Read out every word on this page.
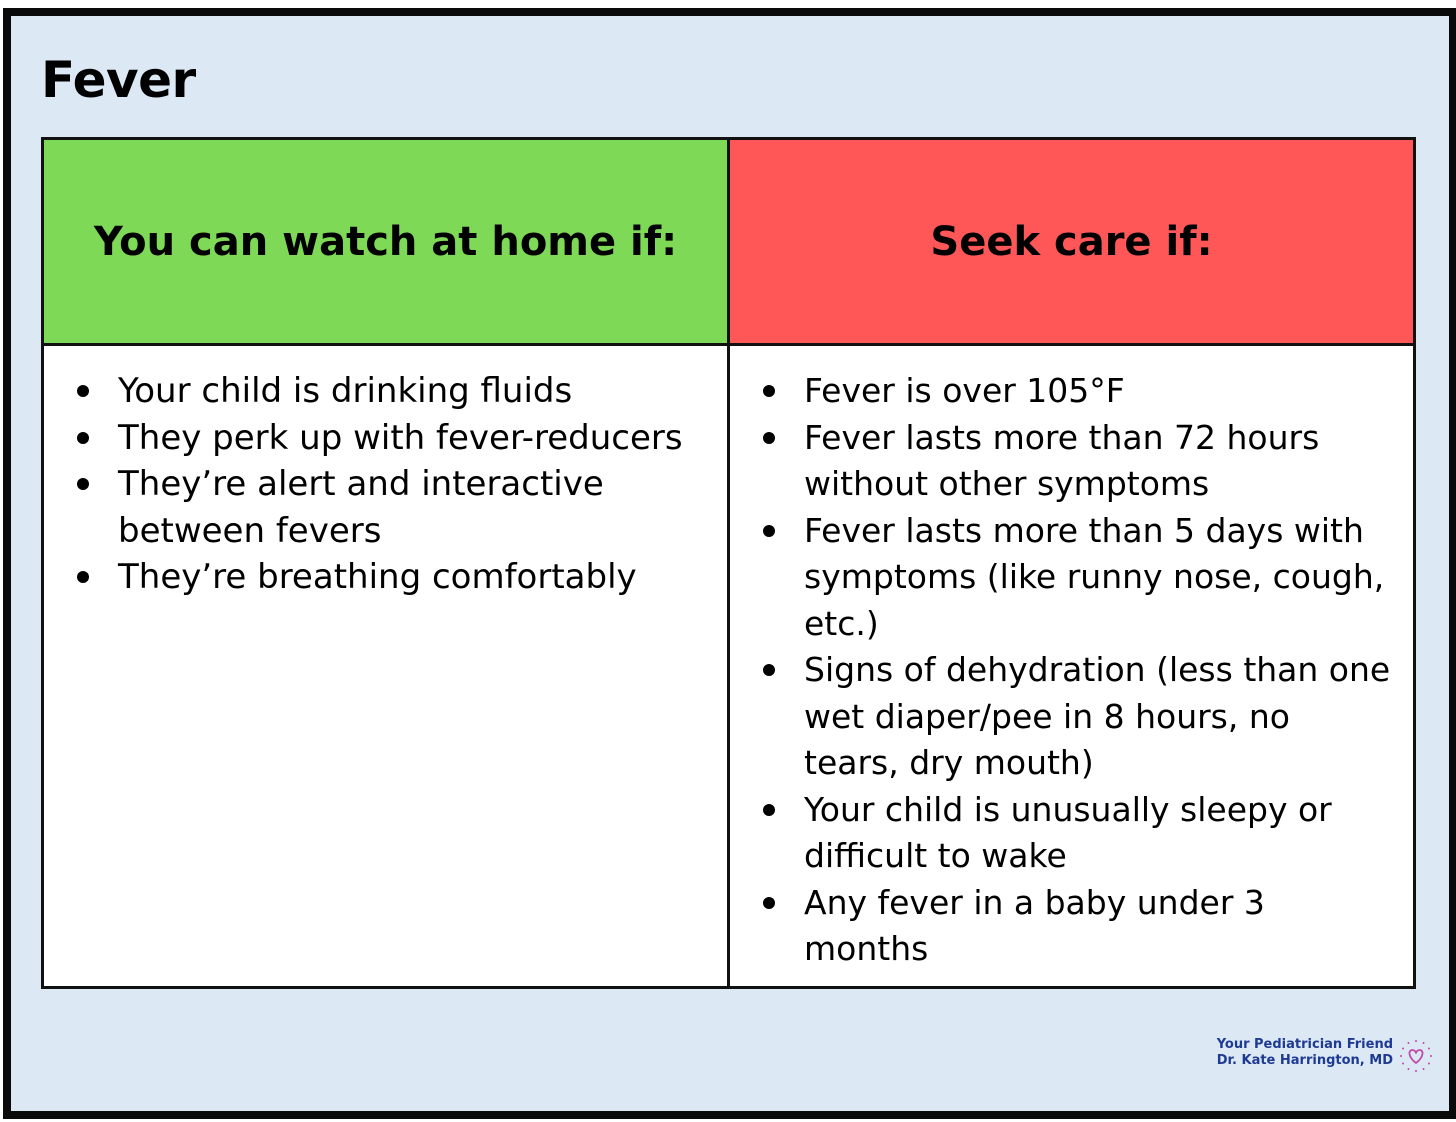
Fever
You can watch at home if:	Seek care if:
Your child is drinking fluids
They perk up with fever-reducers
They’re alert and interactive between fevers
They’re breathing comfortably
Fever is over 105°F
Fever lasts more than 72 hours without other symptoms
Fever lasts more than 5 days with symptoms (like runny nose, cough, etc.)
Signs of dehydration (less than one wet diaper/pee in 8 hours, no tears, dry mouth)
Your child is unusually sleepy or difficult to wake
Any fever in a baby under 3 months
Your Pediatrician Friend
Dr. Kate Harrington, MD
